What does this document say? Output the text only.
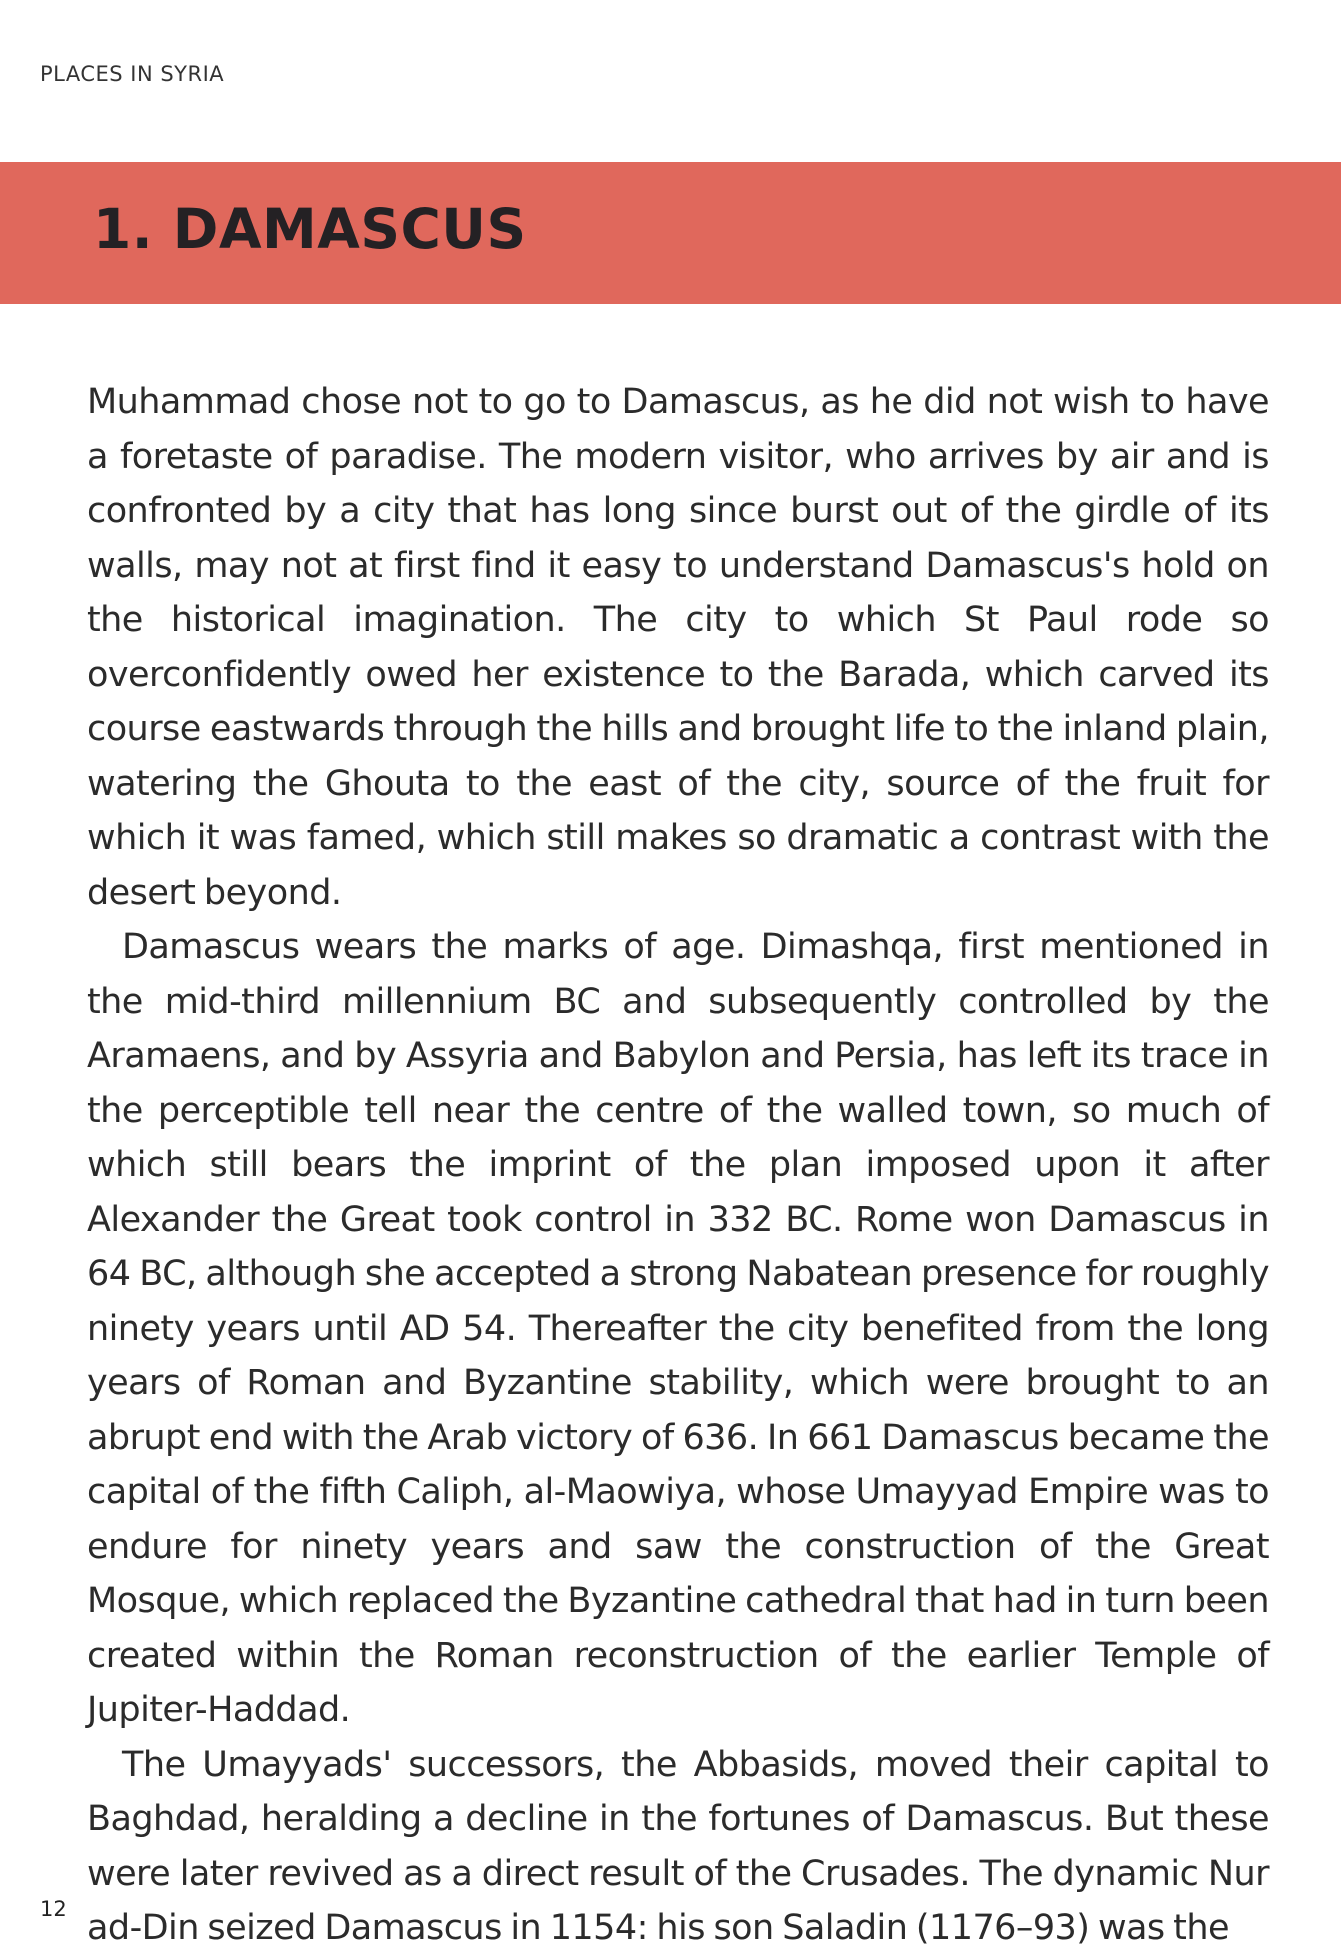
PLACES IN SYRIA
1. DAMASCUS

Muhammad chose not to go to Damascus, as he did not wish to have a foretaste of paradise. The modern visitor, who arrives by air and is confronted by a city that has long since burst out of the girdle of its walls, may not at first find it easy to understand Damascus's hold on the historical imagination. The city to which St Paul rode so overconfidently owed her existence to the Barada, which carved its course eastwards through the hills and brought life to the inland plain, watering the Ghouta to the east of the city, source of the fruit for which it was famed, which still makes so dramatic a contrast with the desert beyond.

Damascus wears the marks of age. Dimashqa, first mentioned in the mid-third millennium BC and subsequently controlled by the Aramaens, and by Assyria and Babylon and Persia, has left its trace in the perceptible tell near the centre of the walled town, so much of which still bears the imprint of the plan imposed upon it after Alexander the Great took control in 332 BC. Rome won Damascus in 64 BC, although she accepted a strong Nabatean presence for roughly ninety years until AD 54. Thereafter the city benefited from the long years of Roman and Byzantine stability, which were brought to an abrupt end with the Arab victory of 636. In 661 Damascus became the capital of the fifth Caliph, al-Maowiya, whose Umayyad Empire was to endure for ninety years and saw the construction of the Great Mosque, which replaced the Byzantine cathedral that had in turn been created within the Roman reconstruction of the earlier Temple of Jupiter-Haddad.

The Umayyads' successors, the Abbasids, moved their capital to Baghdad, heralding a decline in the fortunes of Damascus. But these were later revived as a direct result of the Crusades. The dynamic Nur ad-Din seized Damascus in 1154: his son Saladin (1176–93) was the

12
